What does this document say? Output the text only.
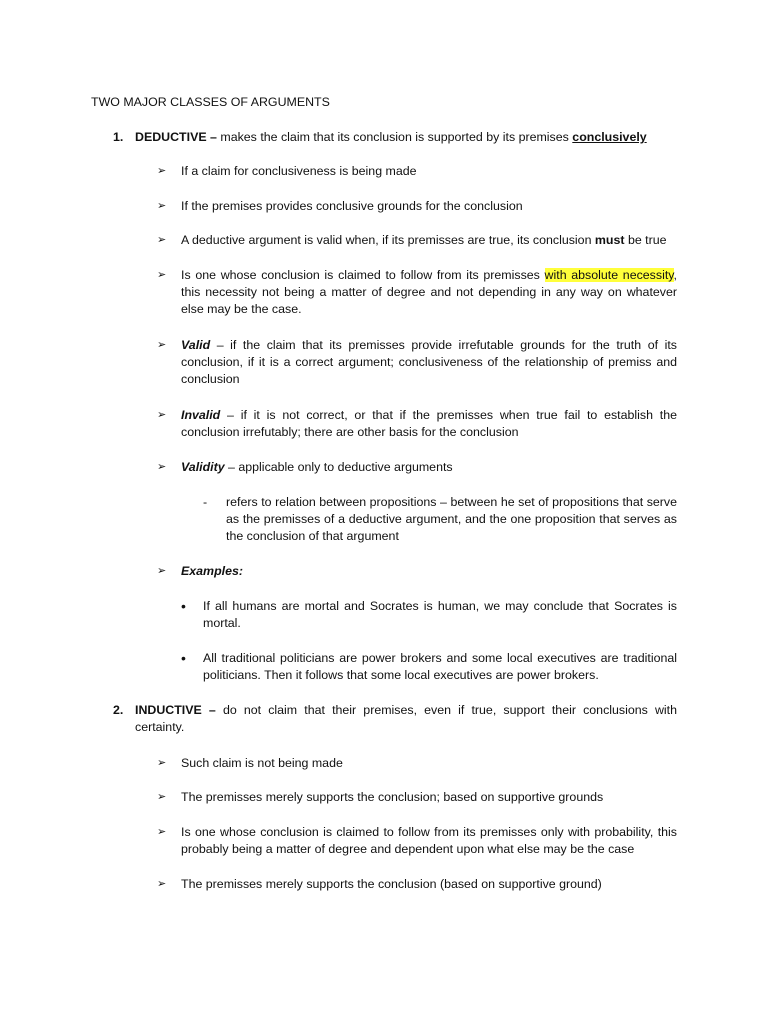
TWO MAJOR CLASSES OF ARGUMENTS
1. DEDUCTIVE – makes the claim that its conclusion is supported by its premises conclusively
➢	If a claim for conclusiveness is being made
➢	If the premises provides conclusive grounds for the conclusion
➢	A deductive argument is valid when, if its premisses are true, its conclusion must be true
➢	Is one whose conclusion is claimed to follow from its premisses with absolute necessity, this necessity not being a matter of degree and not depending in any way on whatever else may be the case.
➢	Valid – if the claim that its premisses provide irrefutable grounds for the truth of its conclusion, if it is a correct argument; conclusiveness of the relationship of premiss and conclusion
➢	Invalid – if it is not correct, or that if the premisses when true fail to establish the conclusion irrefutably; there are other basis for the conclusion
➢	Validity – applicable only to deductive arguments
- refers to relation between propositions – between he set of propositions that serve as the premisses of a deductive argument, and the one proposition that serves as the conclusion of that argument
➢	Examples:
• If all humans are mortal and Socrates is human, we may conclude that Socrates is mortal.
• All traditional politicians are power brokers and some local executives are traditional politicians. Then it follows that some local executives are power brokers.
2. INDUCTIVE – do not claim that their premises, even if true, support their conclusions with certainty.
➢	Such claim is not being made
➢	The premisses merely supports the conclusion; based on supportive grounds
➢	Is one whose conclusion is claimed to follow from its premisses only with probability, this probably being a matter of degree and dependent upon what else may be the case
➢	The premisses merely supports the conclusion (based on supportive ground)
